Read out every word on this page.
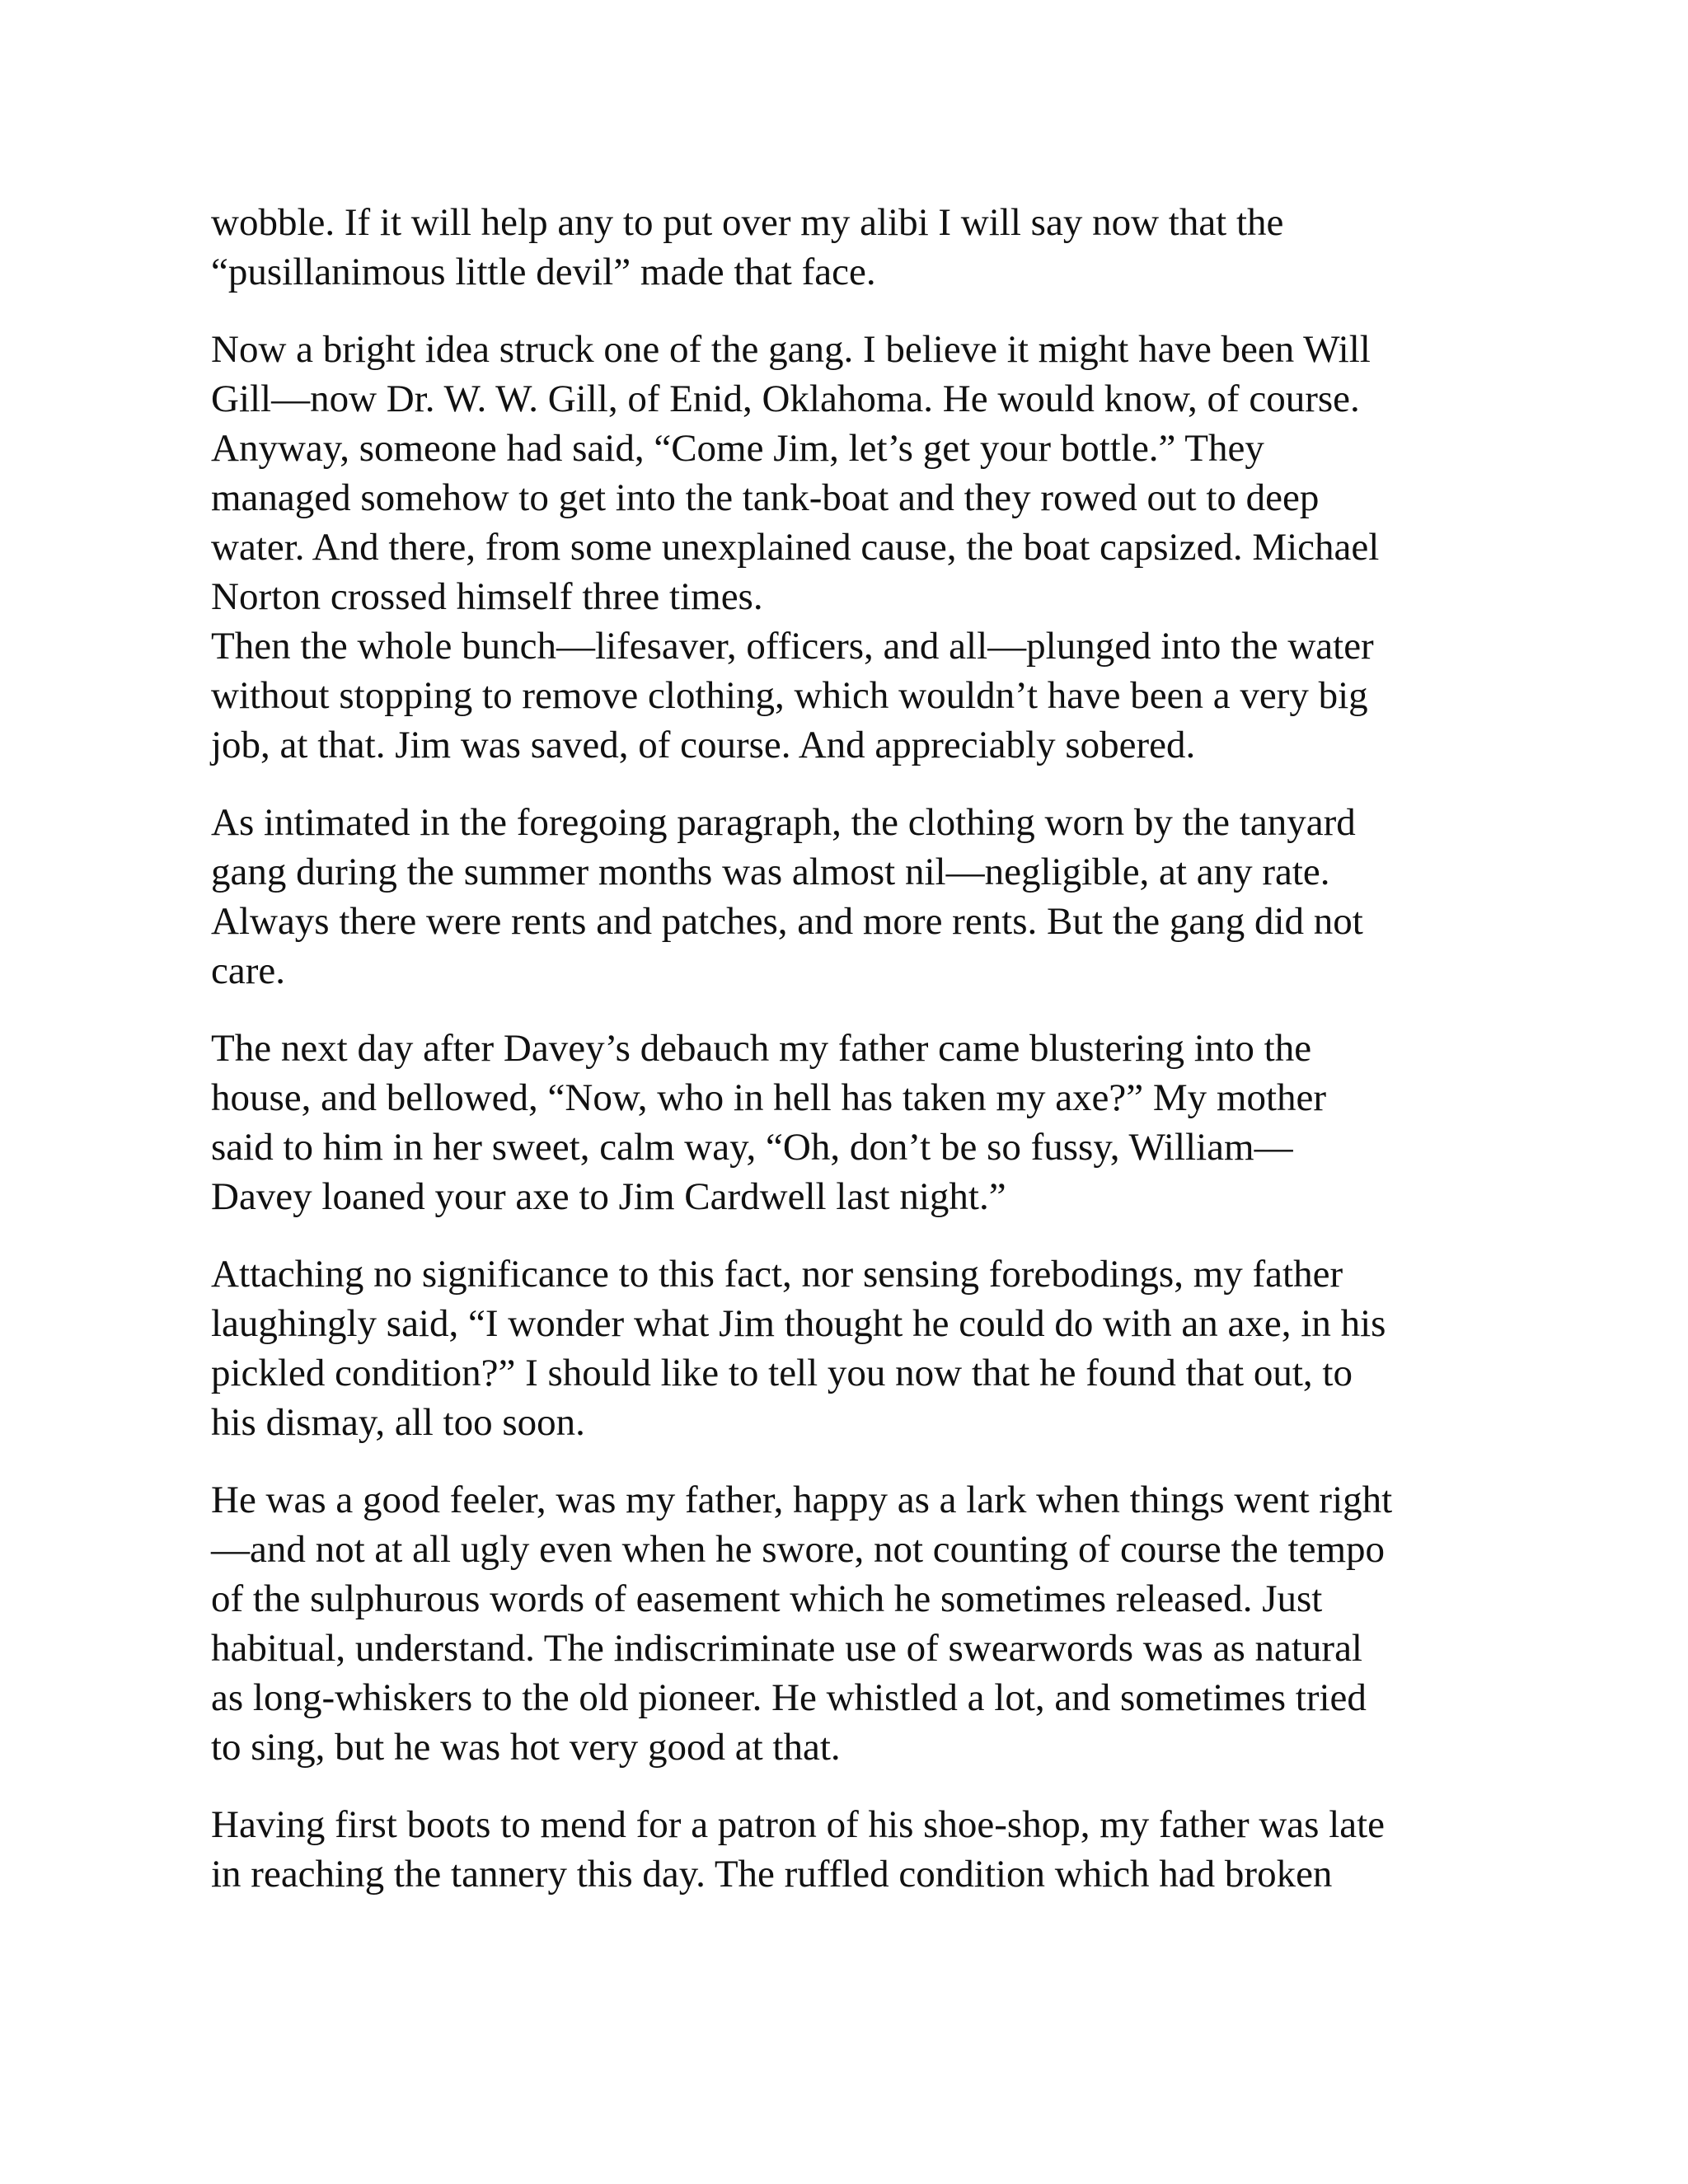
wobble. If it will help any to put over my alibi I will say now that the
“pusillanimous little devil” made that face.

Now a bright idea struck one of the gang. I believe it might have been Will
Gill—now Dr. W. W. Gill, of Enid, Oklahoma. He would know, of course.
Anyway, someone had said, “Come Jim, let’s get your bottle.” They
managed somehow to get into the tank-boat and they rowed out to deep
water. And there, from some unexplained cause, the boat capsized. Michael
Norton crossed himself three times.

Then the whole bunch—lifesaver, officers, and all—plunged into the water
without stopping to remove clothing, which wouldn’t have been a very big
job, at that. Jim was saved, of course. And appreciably sobered.

As intimated in the foregoing paragraph, the clothing worn by the tanyard
gang during the summer months was almost nil—negligible, at any rate.
Always there were rents and patches, and more rents. But the gang did not
care.

The next day after Davey’s debauch my father came blustering into the
house, and bellowed, “Now, who in hell has taken my axe?” My mother
said to him in her sweet, calm way, “Oh, don’t be so fussy, William—
Davey loaned your axe to Jim Cardwell last night.”

Attaching no significance to this fact, nor sensing forebodings, my father
laughingly said, “I wonder what Jim thought he could do with an axe, in his
pickled condition?” I should like to tell you now that he found that out, to
his dismay, all too soon.

He was a good feeler, was my father, happy as a lark when things went right
—and not at all ugly even when he swore, not counting of course the tempo
of the sulphurous words of easement which he sometimes released. Just
habitual, understand. The indiscriminate use of swearwords was as natural
as long-whiskers to the old pioneer. He whistled a lot, and sometimes tried
to sing, but he was hot very good at that.

Having first boots to mend for a patron of his shoe-shop, my father was late
in reaching the tannery this day. The ruffled condition which had broken
